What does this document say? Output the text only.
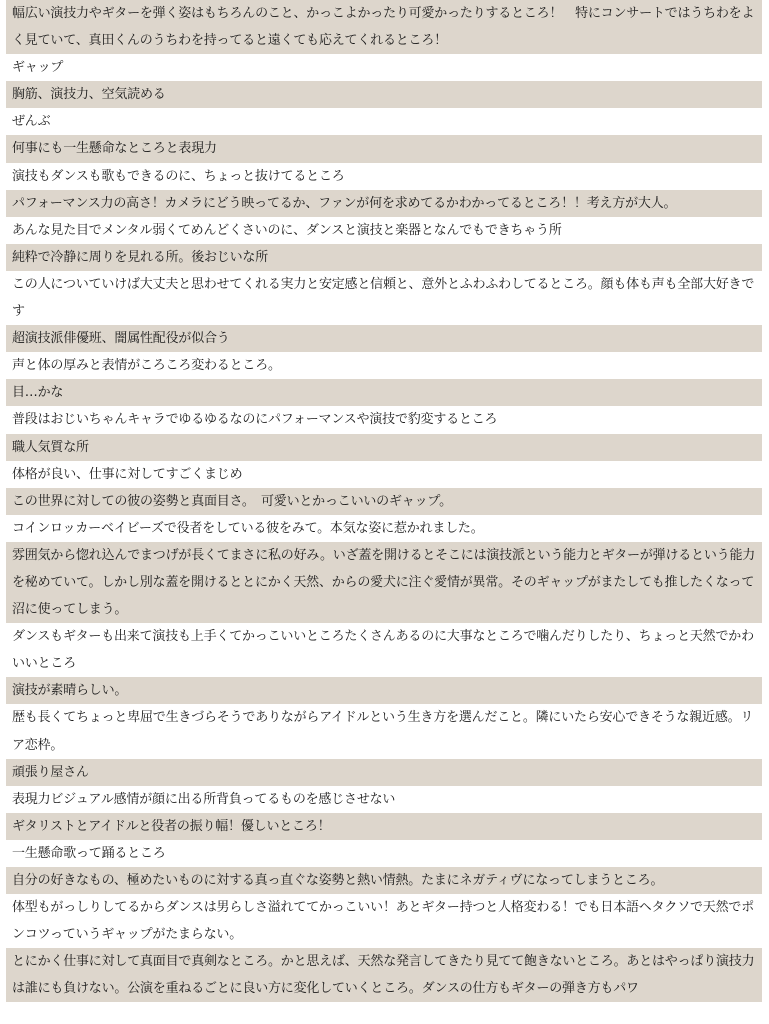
幅広い演技力やギターを弾く姿はもちろんのこと、かっこよかったり可愛かったりするところ！　特にコンサートではうちわをよく見ていて、真田くんのうちわを持ってると遠くても応えてくれるところ！
ギャップ
胸筋、演技力、空気読める
ぜんぶ
何事にも一生懸命なところと表現力
演技もダンスも歌もできるのに、ちょっと抜けてるところ
パフォーマンス力の高さ！カメラにどう映ってるか、ファンが何を求めてるかわかってるところ！！考え方が大人。
あんな見た目でメンタル弱くてめんどくさいのに、ダンスと演技と楽器となんでもできちゃう所
純粋で冷静に周りを見れる所。後おじいな所
この人についていけば大丈夫と思わせてくれる実力と安定感と信頼と、意外とふわふわしてるところ。顔も体も声も全部大好きです
超演技派俳優班、闇属性配役が似合う
声と体の厚みと表情がころころ変わるところ。
目…かな
普段はおじいちゃんキャラでゆるゆるなのにパフォーマンスや演技で豹変するところ
職人気質な所
体格が良い、仕事に対してすごくまじめ
この世界に対しての彼の姿勢と真面目さ。　可愛いとかっこいいのギャップ。
コインロッカーベイビーズで役者をしている彼をみて。本気な姿に惹かれました。
雰囲気から惚れ込んでまつげが長くてまさに私の好み。いざ蓋を開けるとそこには演技派という能力とギターが弾けるという能力を秘めていて。しかし別な蓋を開けるととにかく天然、からの愛犬に注ぐ愛情が異常。そのギャップがまたしても推したくなって沼に使ってしまう。
ダンスもギターも出来て演技も上手くてかっこいいところたくさんあるのに大事なところで噛んだりしたり、ちょっと天然でかわいいところ
演技が素晴らしい。
歴も長くてちょっと卑屈で生きづらそうでありながらアイドルという生き方を選んだこと。隣にいたら安心できそうな親近感。リア恋枠。
頑張り屋さん
表現力ビジュアル感情が顔に出る所背負ってるものを感じさせない
ギタリストとアイドルと役者の振り幅！優しいところ！
一生懸命歌って踊るところ
自分の好きなもの、極めたいものに対する真っ直ぐな姿勢と熱い情熱。たまにネガティヴになってしまうところ。
体型もがっしりしてるからダンスは男らしさ溢れててかっこいい！あとギター持つと人格変わる！でも日本語ヘタクソで天然でポンコツっていうギャップがたまらない。
とにかく仕事に対して真面目で真剣なところ。かと思えば、天然な発言してきたり見てて飽きないところ。あとはやっぱり演技力は誰にも負けない。公演を重ねるごとに良い方に変化していくところ。ダンスの仕方もギターの弾き方もパワ
